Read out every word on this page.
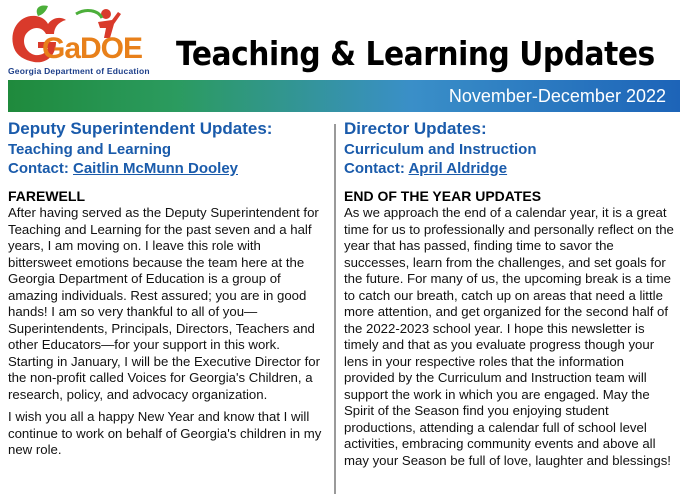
GaDOE
Georgia Department of Education Teaching & Learning Updates
November-December 2022
Deputy Superintendent Updates:
Teaching and Learning
Contact: Caitlin McMunn Dooley
FAREWELL

After having served as the Deputy Superintendent for Teaching and Learning for the past seven and a half years, I am moving on. I leave this role with bittersweet emotions because the team here at the Georgia Department of Education is a group of amazing individuals. Rest assured; you are in good hands! I am so very thankful to all of you—Superintendents, Principals, Directors, Teachers and other Educators—for your support in this work. Starting in January, I will be the Executive Director for the non-profit called Voices for Georgia's Children, a research, policy, and advocacy organization.

I wish you all a happy New Year and know that I will continue to work on behalf of Georgia's children in my new role.

Director Updates:
Curriculum and Instruction
Contact: April Aldridge
END OF THE YEAR UPDATES

As we approach the end of a calendar year, it is a great time for us to professionally and personally reflect on the year that has passed, finding time to savor the successes, learn from the challenges, and set goals for the future. For many of us, the upcoming break is a time to catch our breath, catch up on areas that need a little more attention, and get organized for the second half of the 2022-2023 school year. I hope this newsletter is timely and that as you evaluate progress though your lens in your respective roles that the information provided by the Curriculum and Instruction team will support the work in which you are engaged. May the Spirit of the Season find you enjoying student productions, attending a calendar full of school level activities, embracing community events and above all may your Season be full of love, laughter and blessings!
